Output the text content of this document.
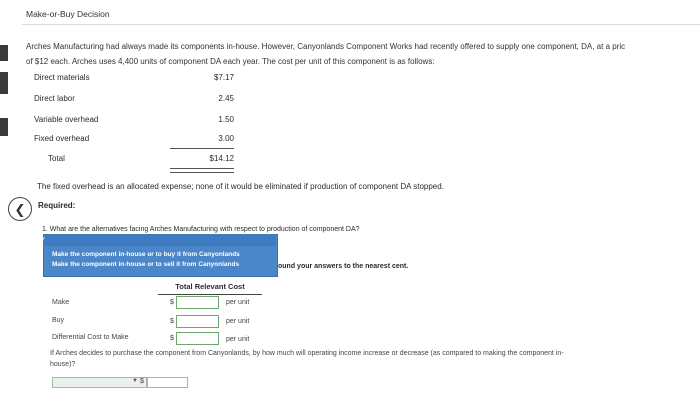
Make-or-Buy Decision
Arches Manufacturing had always made its components in-house. However, Canyonlands Component Works had recently offered to supply one component, DA, at a pric
of $12 each. Arches uses 4,400 units of component DA each year. The cost per unit of this component is as follows:
Direct materials	$7.17
Direct labor	2.45
Variable overhead	1.50
Fixed overhead	3.00
Total	$14.12
The fixed overhead is an allocated expense; none of it would be eliminated if production of component DA stopped.
❮ Required:
1. What are the alternatives facing Arches Manufacturing with respect to production of component DA?
✓
Make the component in-house or to buy it from Canyonlands
Make the component in-house or to sell it from Canyonlands	ound your answers to the nearest cent.
Total Relevant Cost
Make	$	per unit
Buy	$	per unit
Differential Cost to Make	$	per unit
If Arches decides to purchase the component from Canyonlands, by how much will operating income increase or decrease (as compared to making the component in-
house)?
▼ $
